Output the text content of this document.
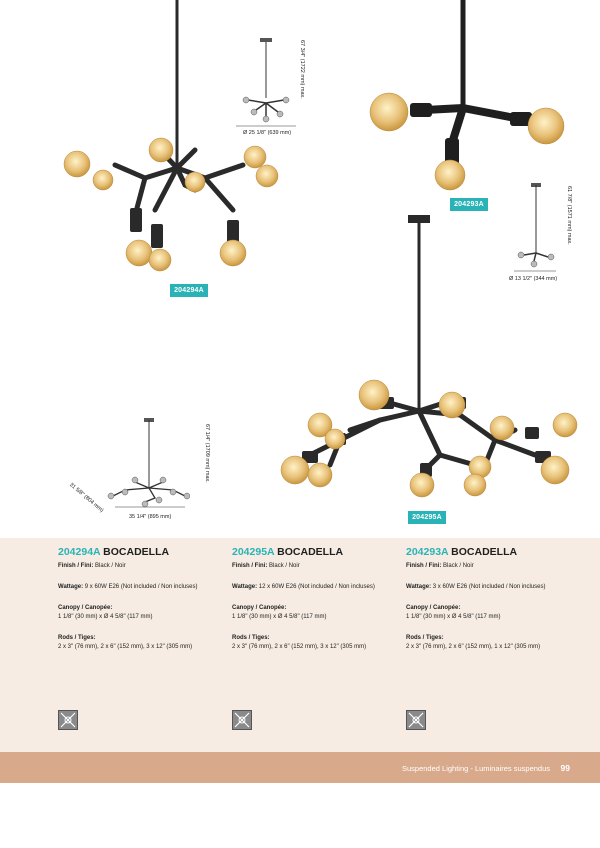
67 3/4" (1722 mm) max.
Ø 25 1/8" (639 mm)
204294A
204293A	61 7/8" (1571 mm) max.
Ø 13 1/2" (344 mm)
204295A
67 1/4" (1709 mm) max.
35 1/4" (895 mm)
31 5/8" (804 mm)
204294A BOCADELLA
Finish / Fini: Black / Noir
Wattage: 9 x 60W E26 (Not included / Non incluses)
Canopy / Canopée:
1 1/8" (30 mm) x Ø 4 5/8" (117 mm)
Rods / Tiges:
2 x 3" (76 mm), 2 x 6" (152 mm), 3 x 12" (305 mm)
204295A BOCADELLA
Finish / Fini: Black / Noir
Wattage: 12 x 60W E26 (Not included / Non incluses)
Canopy / Canopée:
1 1/8" (30 mm) x Ø 4 5/8" (117 mm)
Rods / Tiges:
2 x 3" (76 mm), 2 x 6" (152 mm), 3 x 12" (305 mm)
204293A BOCADELLA
Finish / Fini: Black / Noir
Wattage: 3 x 60W E26 (Not included / Non incluses)
Canopy / Canopée:
1 1/8" (30 mm) x Ø 4 5/8" (117 mm)
Rods / Tiges:
2 x 3" (76 mm), 2 x 6" (152 mm), 1 x 12" (305 mm)
Suspended Lighting - Luminaires suspendus 99
